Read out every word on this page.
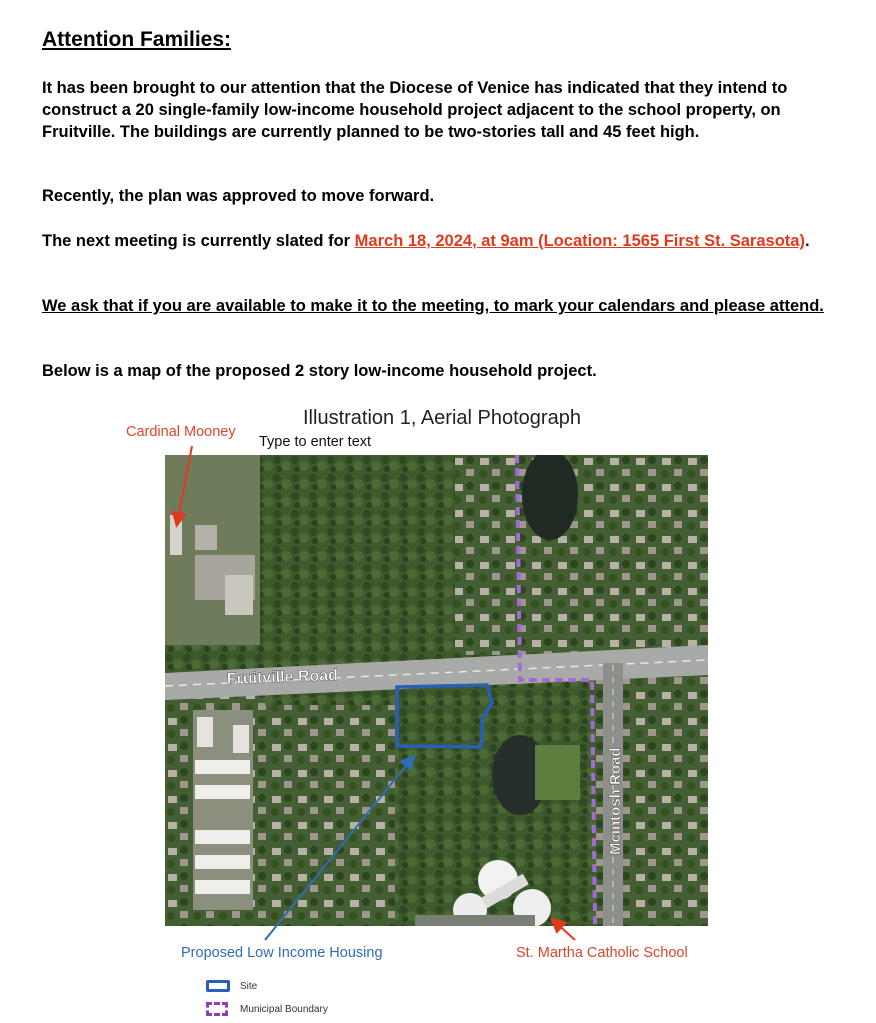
Attention Families:

It has been brought to our attention that the Diocese of Venice has indicated that they intend to construct a 20 single-family low-income household project adjacent to the school property, on Fruitville. The buildings are currently planned to be two-stories tall and 45 feet high.

Recently, the plan was approved to move forward.

The next meeting is currently slated for March 18, 2024, at 9am (Location: 1565 First St. Sarasota).

We ask that if you are available to make it to the meeting, to mark your calendars and please attend.

Below is a map of the proposed 2 story low-income household project.

Illustration 1, Aerial Photograph
Type to enter text
Cardinal Mooney
Proposed Low Income Housing	St. Martha Catholic School
Fruitville Road
Mcintosh Road
Site
Municipal Boundary
